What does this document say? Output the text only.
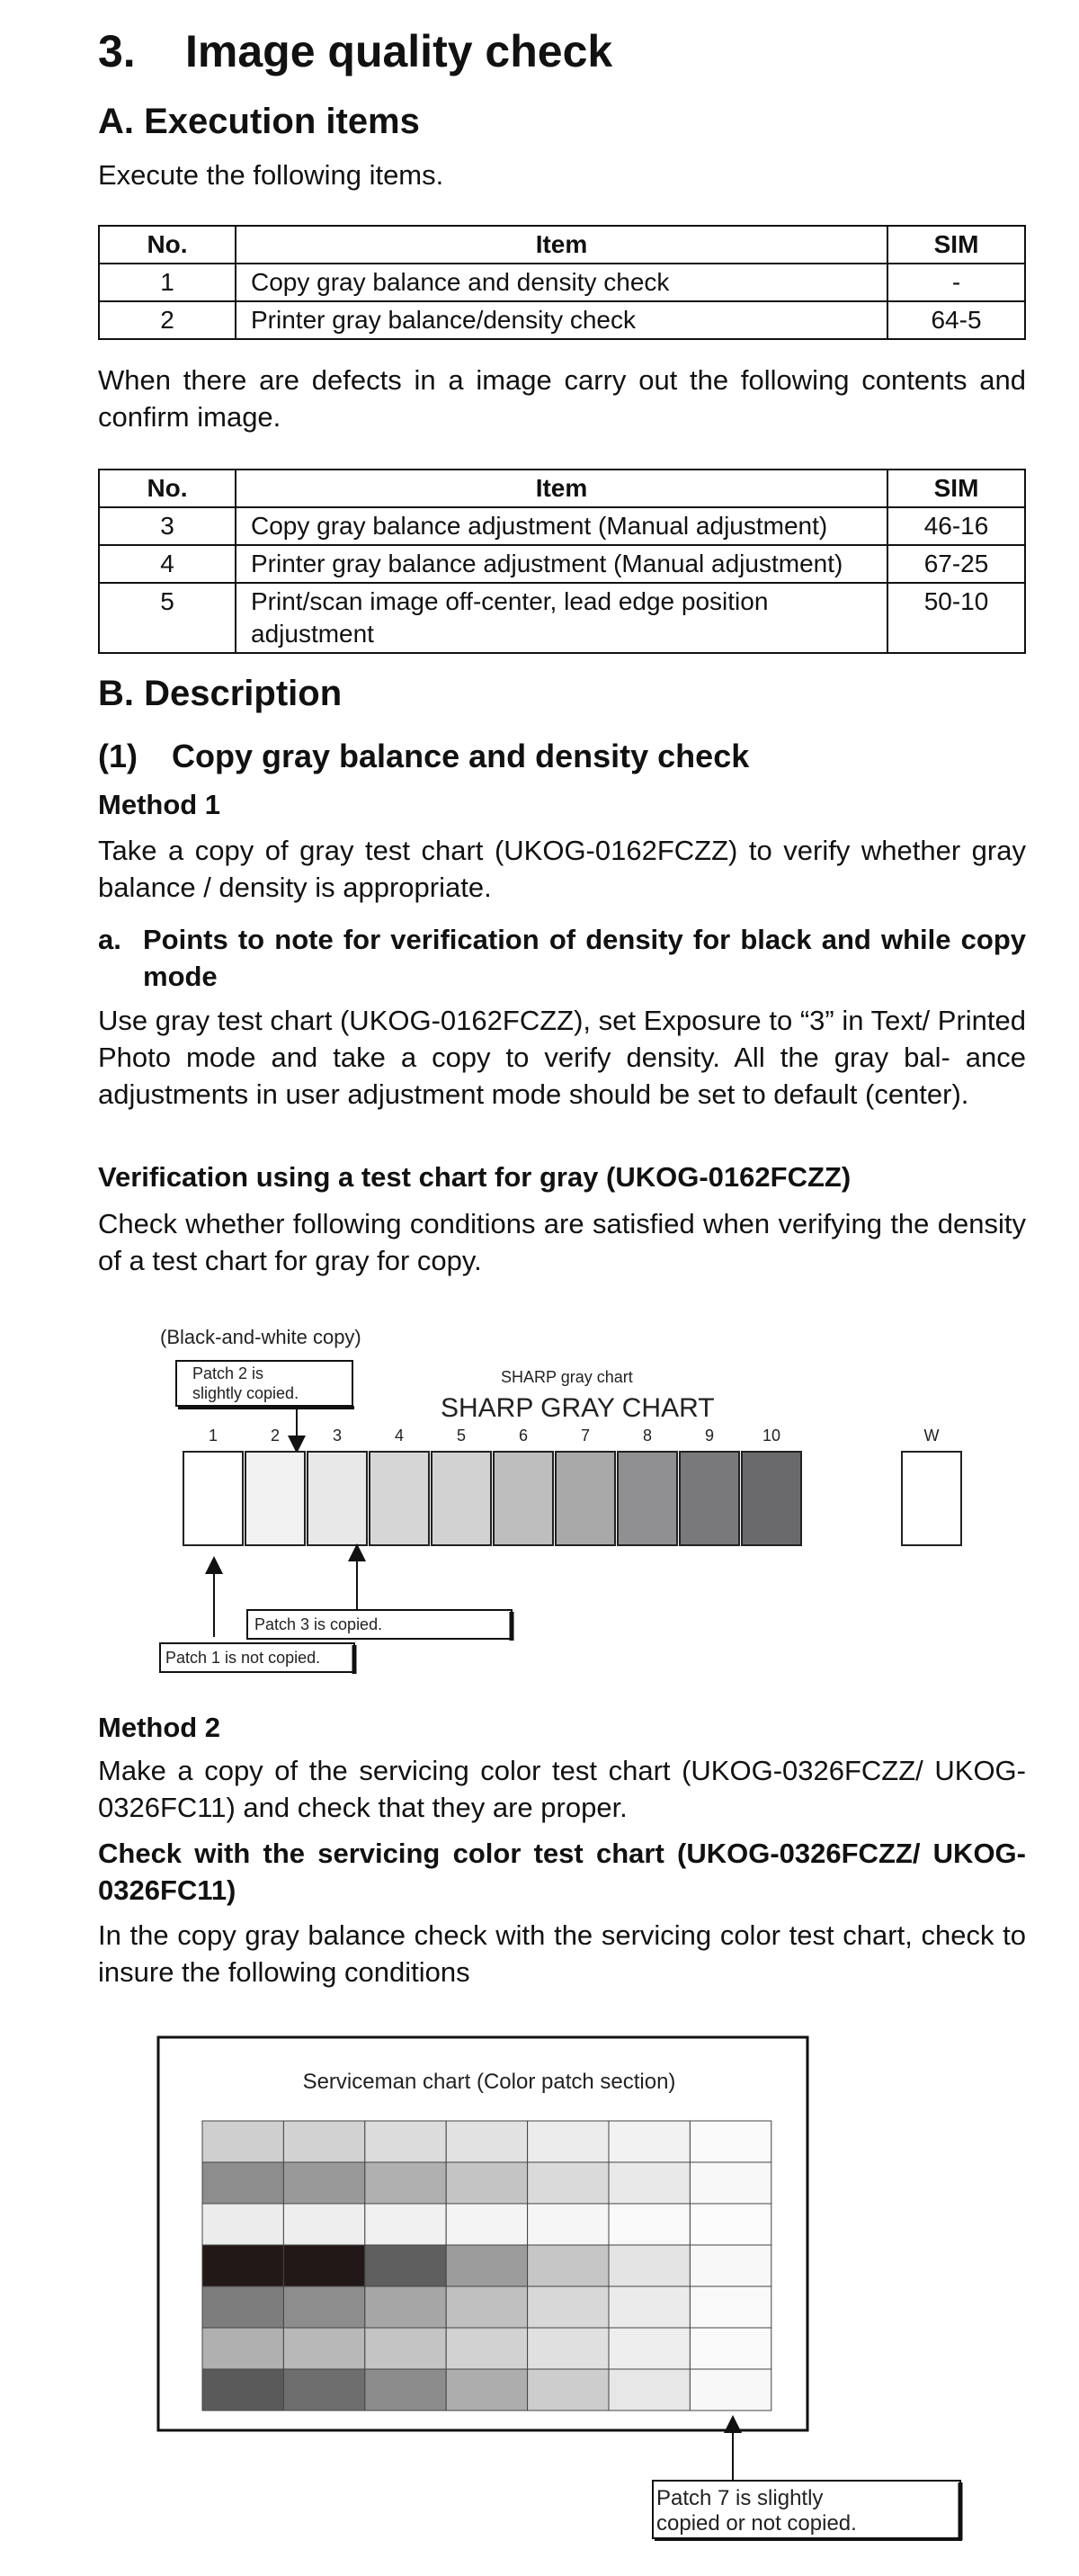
3. Image quality check
A. Execution items
Execute the following items.
No.	Item	SIM
1	Copy gray balance and density check	-
2	Printer gray balance/density check	64-5
When there are defects in a image carry out the following contents and confirm image.
No.	Item	SIM
3	Copy gray balance adjustment (Manual adjustment)	46-16
4	Printer gray balance adjustment (Manual adjustment)	67-25
5	Print/scan image off-center, lead edge position adjustment	50-10
B. Description
(1) Copy gray balance and density check
Method 1
Take a copy of gray test chart (UKOG-0162FCZZ) to verify whether gray balance / density is appropriate.
a. Points to note for verification of density for black and while copy mode
Use gray test chart (UKOG-0162FCZZ), set Exposure to “3” in Text/ Printed Photo mode and take a copy to verify density. All the gray bal- ance adjustments in user adjustment mode should be set to default (center).
Verification using a test chart for gray (UKOG-0162FCZZ)
Check whether following conditions are satisfied when verifying the density of a test chart for gray for copy.
(Black-and-white copy)
SHARP gray chart
SHARP GRAY CHART
Patch 2 is
slightly copied.
1	2	3	4	5	6	7	8	9	10	W
Patch 3 is copied.
Patch 1 is not copied.
Method 2
Make a copy of the servicing color test chart (UKOG-0326FCZZ/ UKOG-0326FC11) and check that they are proper.
Check with the servicing color test chart (UKOG-0326FCZZ/ UKOG-0326FC11)
In the copy gray balance check with the servicing color test chart, check to insure the following conditions
Serviceman chart (Color patch section)
Patch 7 is slightly
copied or not copied.
